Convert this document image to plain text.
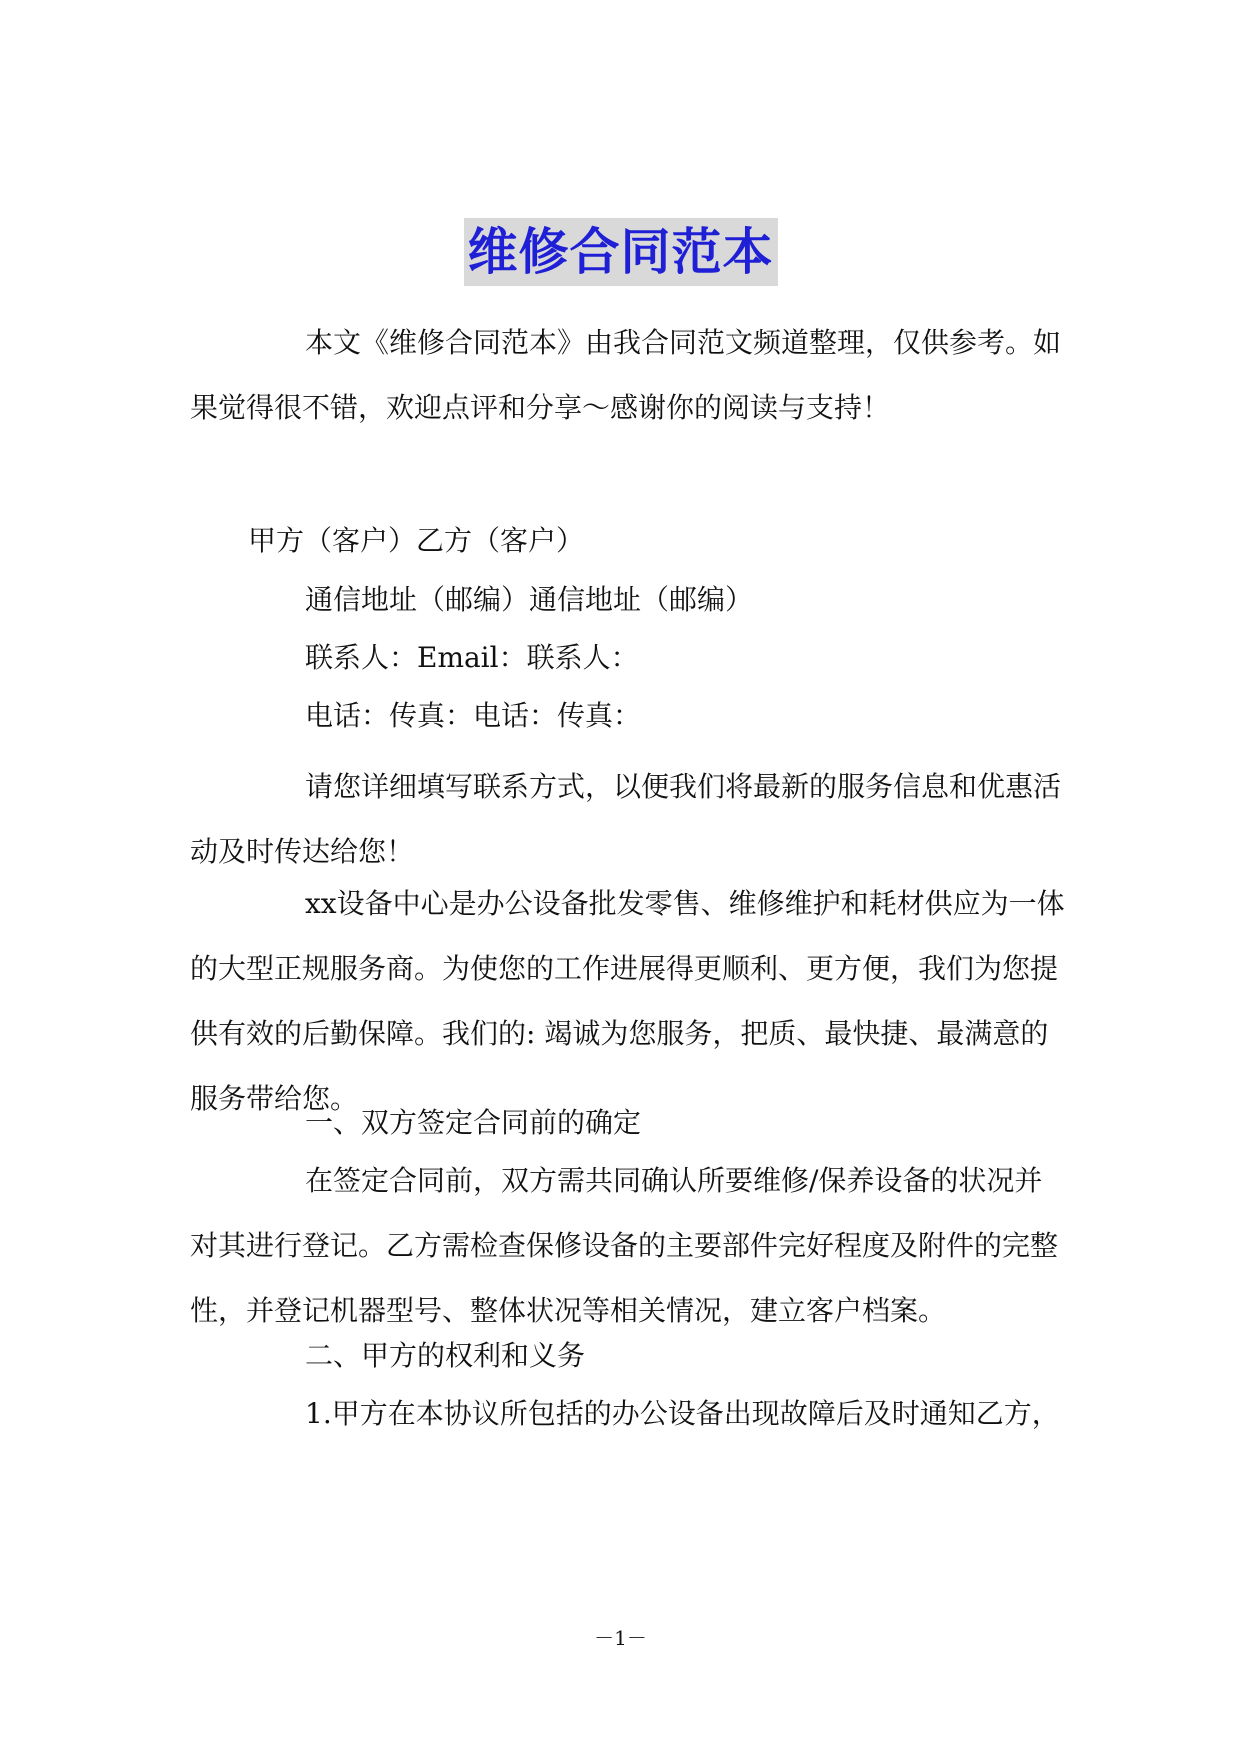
维修合同范本

本文《维修合同范本》由我合同范文频道整理，仅供参考。如果觉得很不错，欢迎点评和分享～感谢你的阅读与支持！

甲方（客户）乙方（客户）

通信地址（邮编）通信地址（邮编）

联系人：Email：联系人：

电话：传真：电话：传真：

请您详细填写联系方式，以便我们将最新的服务信息和优惠活动及时传达给您！

xx设备中心是办公设备批发零售、维修维护和耗材供应为一体的大型正规服务商。为使您的工作进展得更顺利、更方便，我们为您提供有效的后勤保障。我们的: 竭诚为您服务，把质、最快捷、最满意的服务带给您。

一、双方签定合同前的确定

在签定合同前，双方需共同确认所要维修/保养设备的状况并对其进行登记。乙方需检查保修设备的主要部件完好程度及附件的完整性，并登记机器型号、整体状况等相关情况，建立客户档案。

二、甲方的权利和义务

1.甲方在本协议所包括的办公设备出现故障后及时通知乙方，

－1－
